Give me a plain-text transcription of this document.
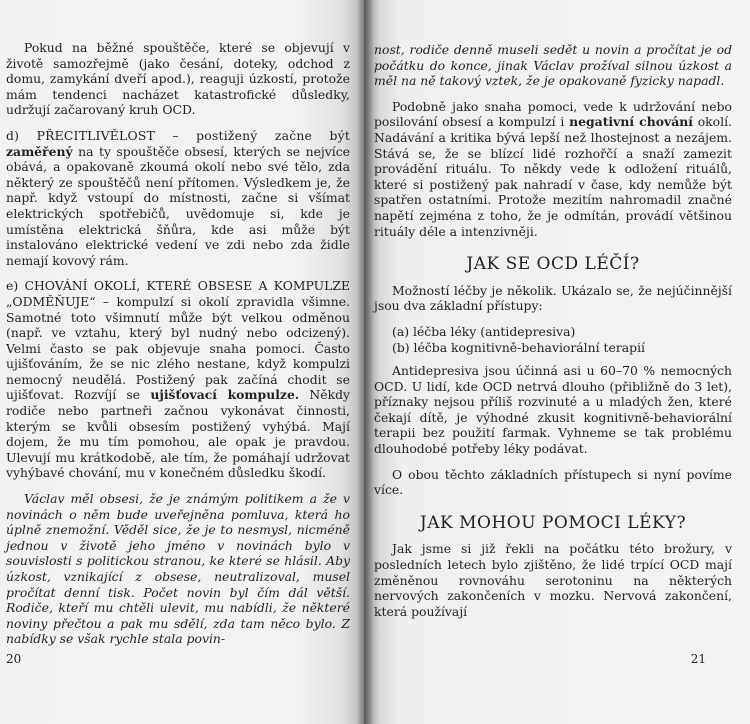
Pokud na běžné spouštěče, které se objevují v životě samozřejmě (jako česání, doteky, odchod z domu, zamykání dveří apod.), reaguji úzkostí, protože mám tendenci nacházet katastrofické důsledky, udržují začarovaný kruh OCD.

d) PŘECITLIVĚLOST – postižený začne být zaměřený na ty spouštěče obsesí, kterých se nejvíce obává, a opakovaně zkoumá okolí nebo své tělo, zda některý ze spouštěčů není přítomen. Výsledkem je, že např. když vstoupí do místnosti, začne si všímat elektrických spotřebičů, uvědomuje si, kde je umístěna elektrická šňůra, kde asi může být instalováno elektrické vedení ve zdi nebo zda židle nemají kovový rám.

e) CHOVÁNÍ OKOLÍ, KTERÉ OBSESE A KOMPULZE „ODMĚŇUJE“ – kompulzí si okolí zpravidla všimne. Samotné toto všimnutí může být velkou odměnou (např. ve vztahu, který byl nudný nebo odcizený). Velmi často se pak objevuje snaha pomoci. Často ujišťováním, že se nic zlého nestane, když kompulzi nemocný neudělá. Postižený pak začíná chodit se ujišťovat. Rozvíjí se ujišťovací kompulze. Někdy rodiče nebo partneři začnou vykonávat činnosti, kterým se kvůli obsesím postižený vyhýbá. Mají dojem, že mu tím pomohou, ale opak je pravdou. Ulevují mu krátkodobě, ale tím, že pomáhají udržovat vyhýbavé chování, mu v konečném důsledku škodí.

Václav měl obsesi, že je známým politikem a že v novinách o něm bude uveřejněna pomluva, která ho úplně znemožní. Věděl sice, že je to nesmysl, nicméně jednou v životě jeho jméno v novinách bylo v souvislosti s politickou stranou, ke které se hlásil. Aby úzkost, vznikající z obsese, neutralizoval, musel pročítat denní tisk. Počet novin byl čím dál větší. Rodiče, kteří mu chtěli ulevit, mu nabídli, že některé noviny přečtou a pak mu sdělí, zda tam něco bylo. Z nabídky se však rychle stala povin-

20

nost, rodiče denně museli sedět u novin a pročítat je od počátku do konce, jinak Václav prožíval silnou úzkost a měl na ně takový vztek, že je opakovaně fyzicky napadl.

Podobně jako snaha pomoci, vede k udržování nebo posilování obsesí a kompulzí i negativní chování okolí. Nadávání a kritika bývá lepší než lhostejnost a nezájem. Stává se, že se blízcí lidé rozhořčí a snaží zamezit provádění rituálu. To někdy vede k odložení rituálů, které si postižený pak nahradí v čase, kdy nemůže být spatřen ostatními. Protože mezitím nahromadil značné napětí zejména z toho, že je odmítán, provádí většinou rituály déle a intenzivněji.

JAK SE OCD LÉČÍ?

Možností léčby je několik. Ukázalo se, že nejúčinnější jsou dva základní přístupy:

(a) léčba léky (antidepresiva)
(b) léčba kognitivně-behaviorální terapií

Antidepresiva jsou účinná asi u 60–70 % nemocných OCD. U lidí, kde OCD netrvá dlouho (přibližně do 3 let), příznaky nejsou příliš rozvinuté a u mladých žen, které čekají dítě, je výhodné zkusit kognitivně-behaviorální terapii bez použití farmak. Vyhneme se tak problému dlouhodobé potřeby léky podávat.

O obou těchto základních přístupech si nyní povíme více.

JAK MOHOU POMOCI LÉKY?

Jak jsme si již řekli na počátku této brožury, v posledních letech bylo zjištěno, že lidé trpící OCD mají změněnou rovnováhu serotoninu na některých nervových zakončeních v mozku. Nervová zakončení, která používají

21
